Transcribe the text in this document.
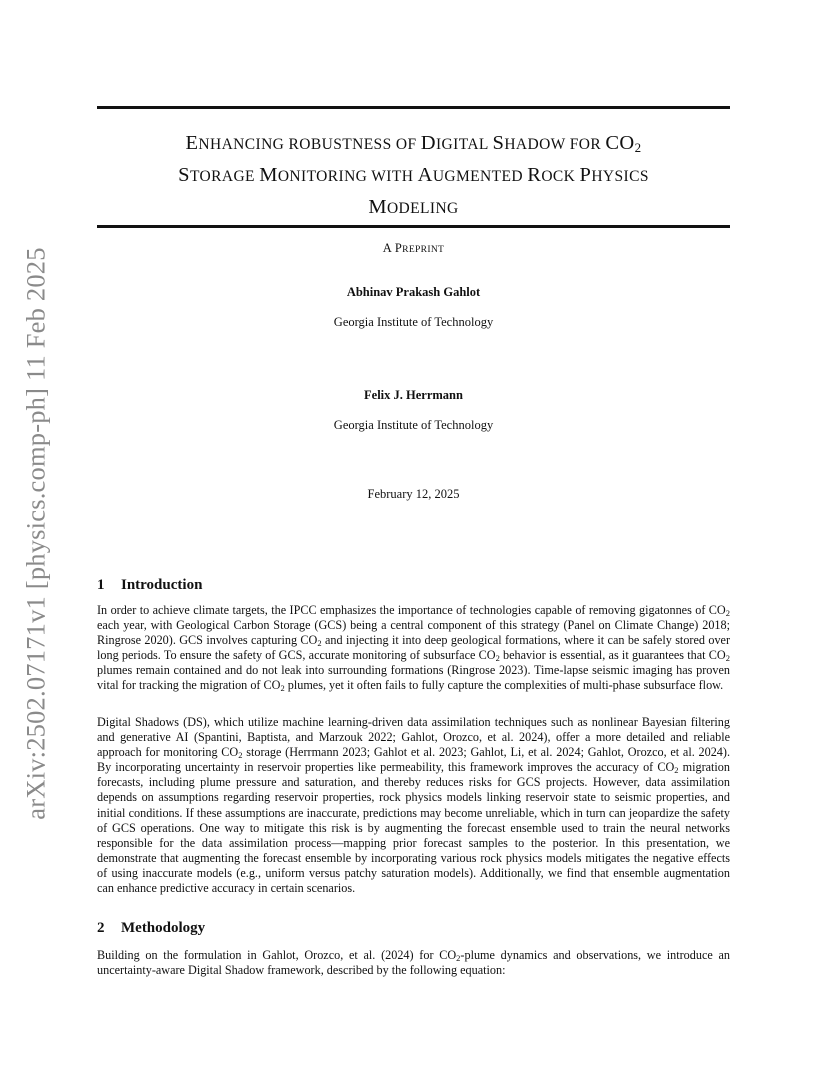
arXiv:2502.07171v1 [physics.comp-ph] 11 Feb 2025
ENHANCING ROBUSTNESS OF DIGITAL SHADOW FOR $CO_2$
STORAGE MONITORING WITH AUGMENTED ROCK PHYSICS
MODELING
A PREPRINT
Abhinav Prakash Gahlot
Georgia Institute of Technology
Felix J. Herrmann
Georgia Institute of Technology
February 12, 2025
1 Introduction

In order to achieve climate targets, the IPCC emphasizes the importance of technologies capable of removing gigatonnes of $CO_2$ each year, with Geological Carbon Storage (GCS) being a central component of this strategy (Panel on Climate Change) 2018; Ringrose 2020). GCS involves capturing $CO_2$ and injecting it into deep geological formations, where it can be safely stored over long periods. To ensure the safety of GCS, accurate monitoring of subsurface $CO_2$ behavior is essential, as it guarantees that $CO_2$ plumes remain contained and do not leak into surrounding formations (Ringrose 2023). Time-lapse seismic imaging has proven vital for tracking the migration of $CO_2$ plumes, yet it often fails to fully capture the complexities of multi-phase subsurface flow.

Digital Shadows (DS), which utilize machine learning-driven data assimilation techniques such as nonlinear Bayesian filtering and generative AI (Spantini, Baptista, and Marzouk 2022; Gahlot, Orozco, et al. 2024), offer a more detailed and reliable approach for monitoring $CO_2$ storage (Herrmann 2023; Gahlot et al. 2023; Gahlot, Li, et al. 2024; Gahlot, Orozco, et al. 2024). By incorporating uncertainty in reservoir properties like permeability, this framework improves the accuracy of $CO_2$ migration forecasts, including plume pressure and saturation, and thereby reduces risks for GCS projects. However, data assimilation depends on assumptions regarding reservoir properties, rock physics models linking reservoir state to seismic properties, and initial conditions. If these assumptions are inaccurate, predictions may become unreliable, which in turn can jeopardize the safety of GCS operations. One way to mitigate this risk is by augmenting the forecast ensemble used to train the neural networks responsible for the data assimilation process—mapping prior forecast samples to the posterior. In this presentation, we demonstrate that augmenting the forecast ensemble by incorporating various rock physics models mitigates the negative effects of using inaccurate models (e.g., uniform versus patchy saturation models). Additionally, we find that ensemble augmentation can enhance predictive accuracy in certain scenarios.

2 Methodology

Building on the formulation in Gahlot, Orozco, et al. (2024) for $CO_2$-plume dynamics and observations, we introduce an uncertainty-aware Digital Shadow framework, described by the following equation:
